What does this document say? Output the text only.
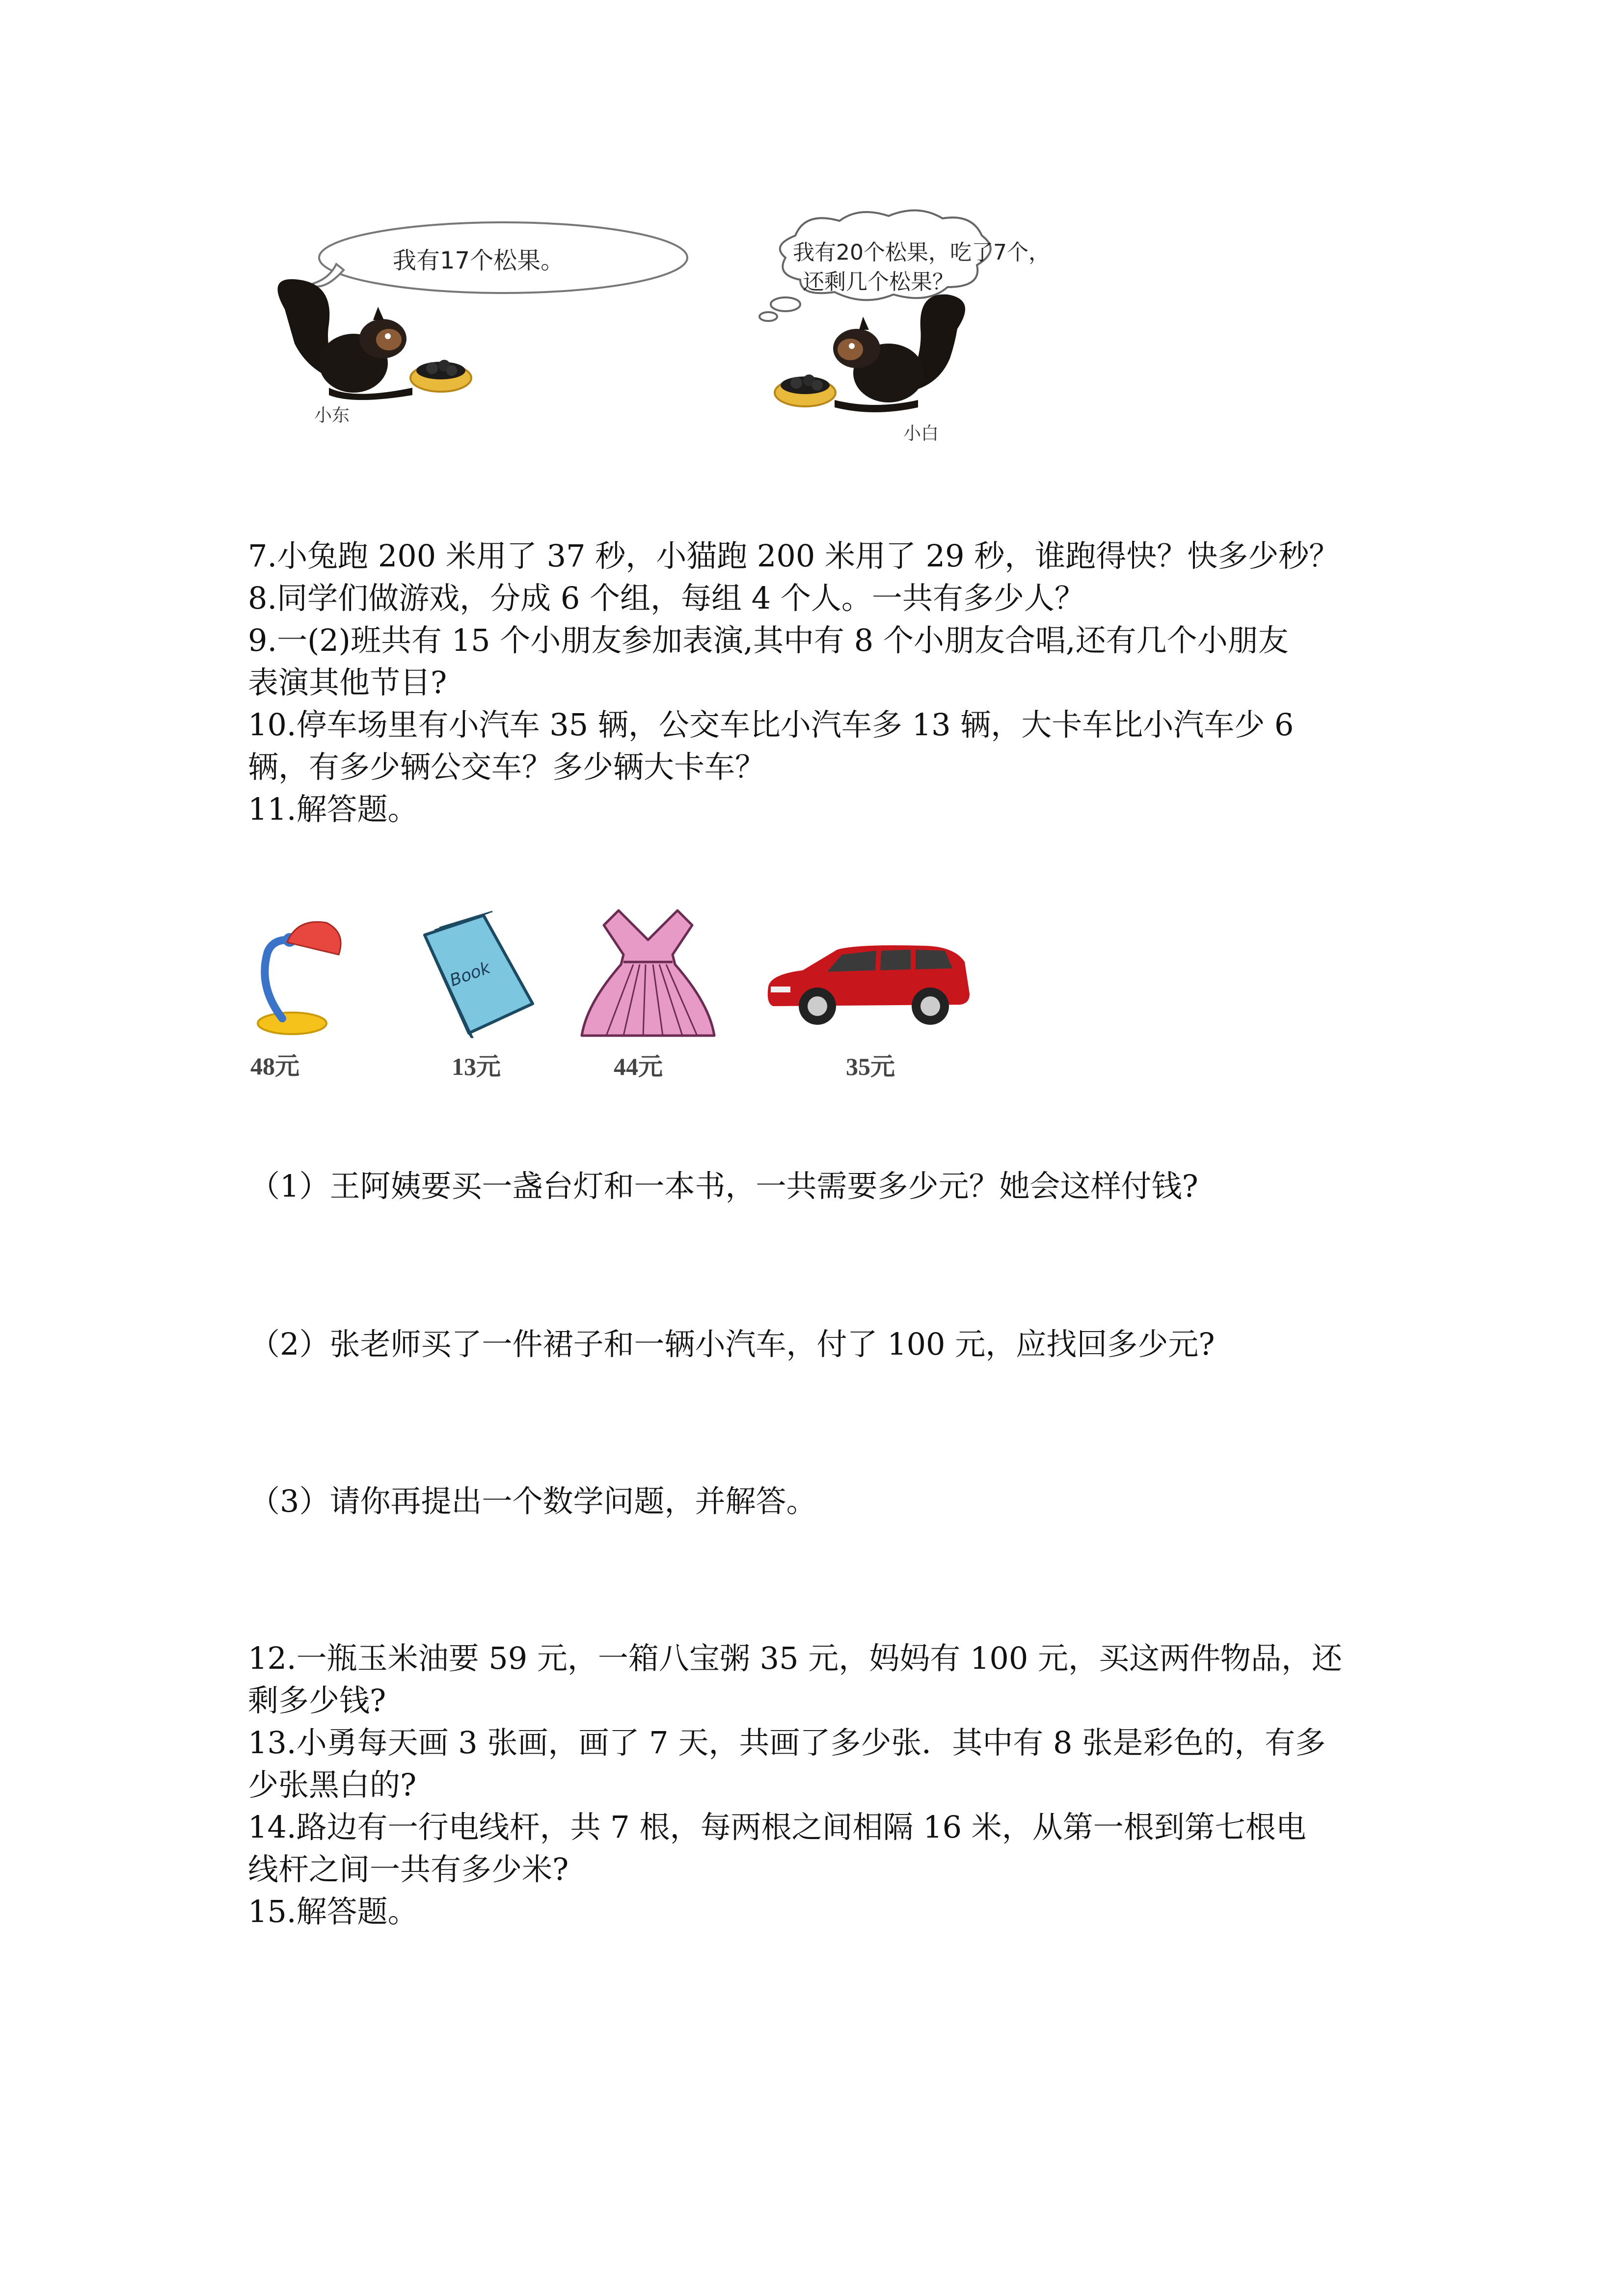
我有17个松果。
小东
我有20个松果，吃了7个，
还剩几个松果？
小白
7.小兔跑 200 米用了 37 秒，小猫跑 200 米用了 29 秒，谁跑得快？快多少秒？
8.同学们做游戏，分成 6 个组，每组 4 个人。一共有多少人？
9.一(2)班共有 15 个小朋友参加表演,其中有 8 个小朋友合唱,还有几个小朋友
表演其他节目?
10.停车场里有小汽车 35 辆，公交车比小汽车多 13 辆，大卡车比小汽车少 6
辆，有多少辆公交车？多少辆大卡车？
11.解答题。
48元
Book
13元	44元	35元
（1）王阿姨要买一盏台灯和一本书，一共需要多少元？她会这样付钱?
（2）张老师买了一件裙子和一辆小汽车，付了 100 元，应找回多少元?
（3）请你再提出一个数学问题，并解答。
12.一瓶玉米油要 59 元，一箱八宝粥 35 元，妈妈有 100 元，买这两件物品，还
剩多少钱?
13.小勇每天画 3 张画，画了 7 天，共画了多少张．其中有 8 张是彩色的，有多
少张黑白的?
14.路边有一行电线杆，共 7 根，每两根之间相隔 16 米，从第一根到第七根电
线杆之间一共有多少米?
15.解答题。
